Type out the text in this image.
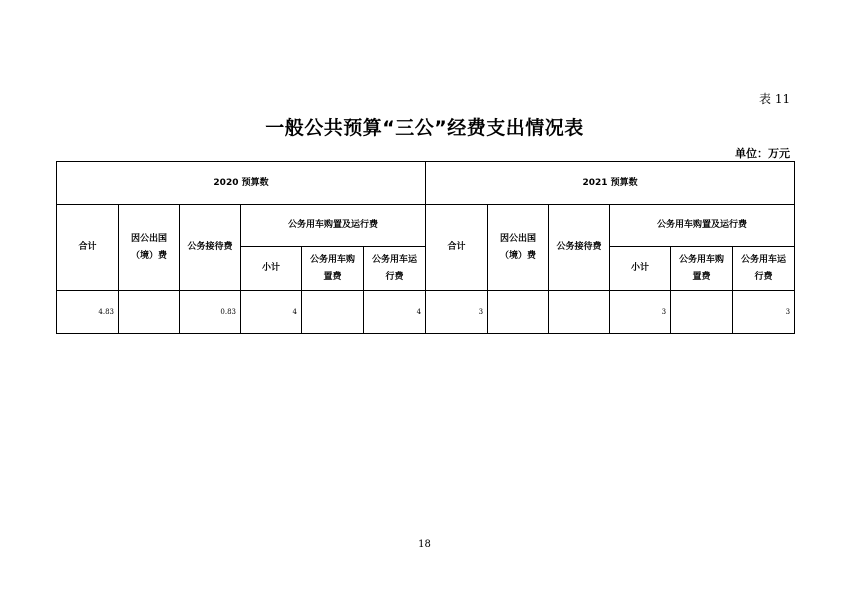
表 11
一般公共预算“三公”经费支出情况表
单位：万元
2020 预算数						2021 预算数					
合计	因公出国（境）费	公务接待费	公务用车购置及运行费			合计	因公出国（境）费	公务接待费	公务用车购置及运行费		
			小计	公务用车购置费	公务用车运行费				小计	公务用车购置费	公务用车运行费
4.83		0.83	4		4	3			3		3
18
